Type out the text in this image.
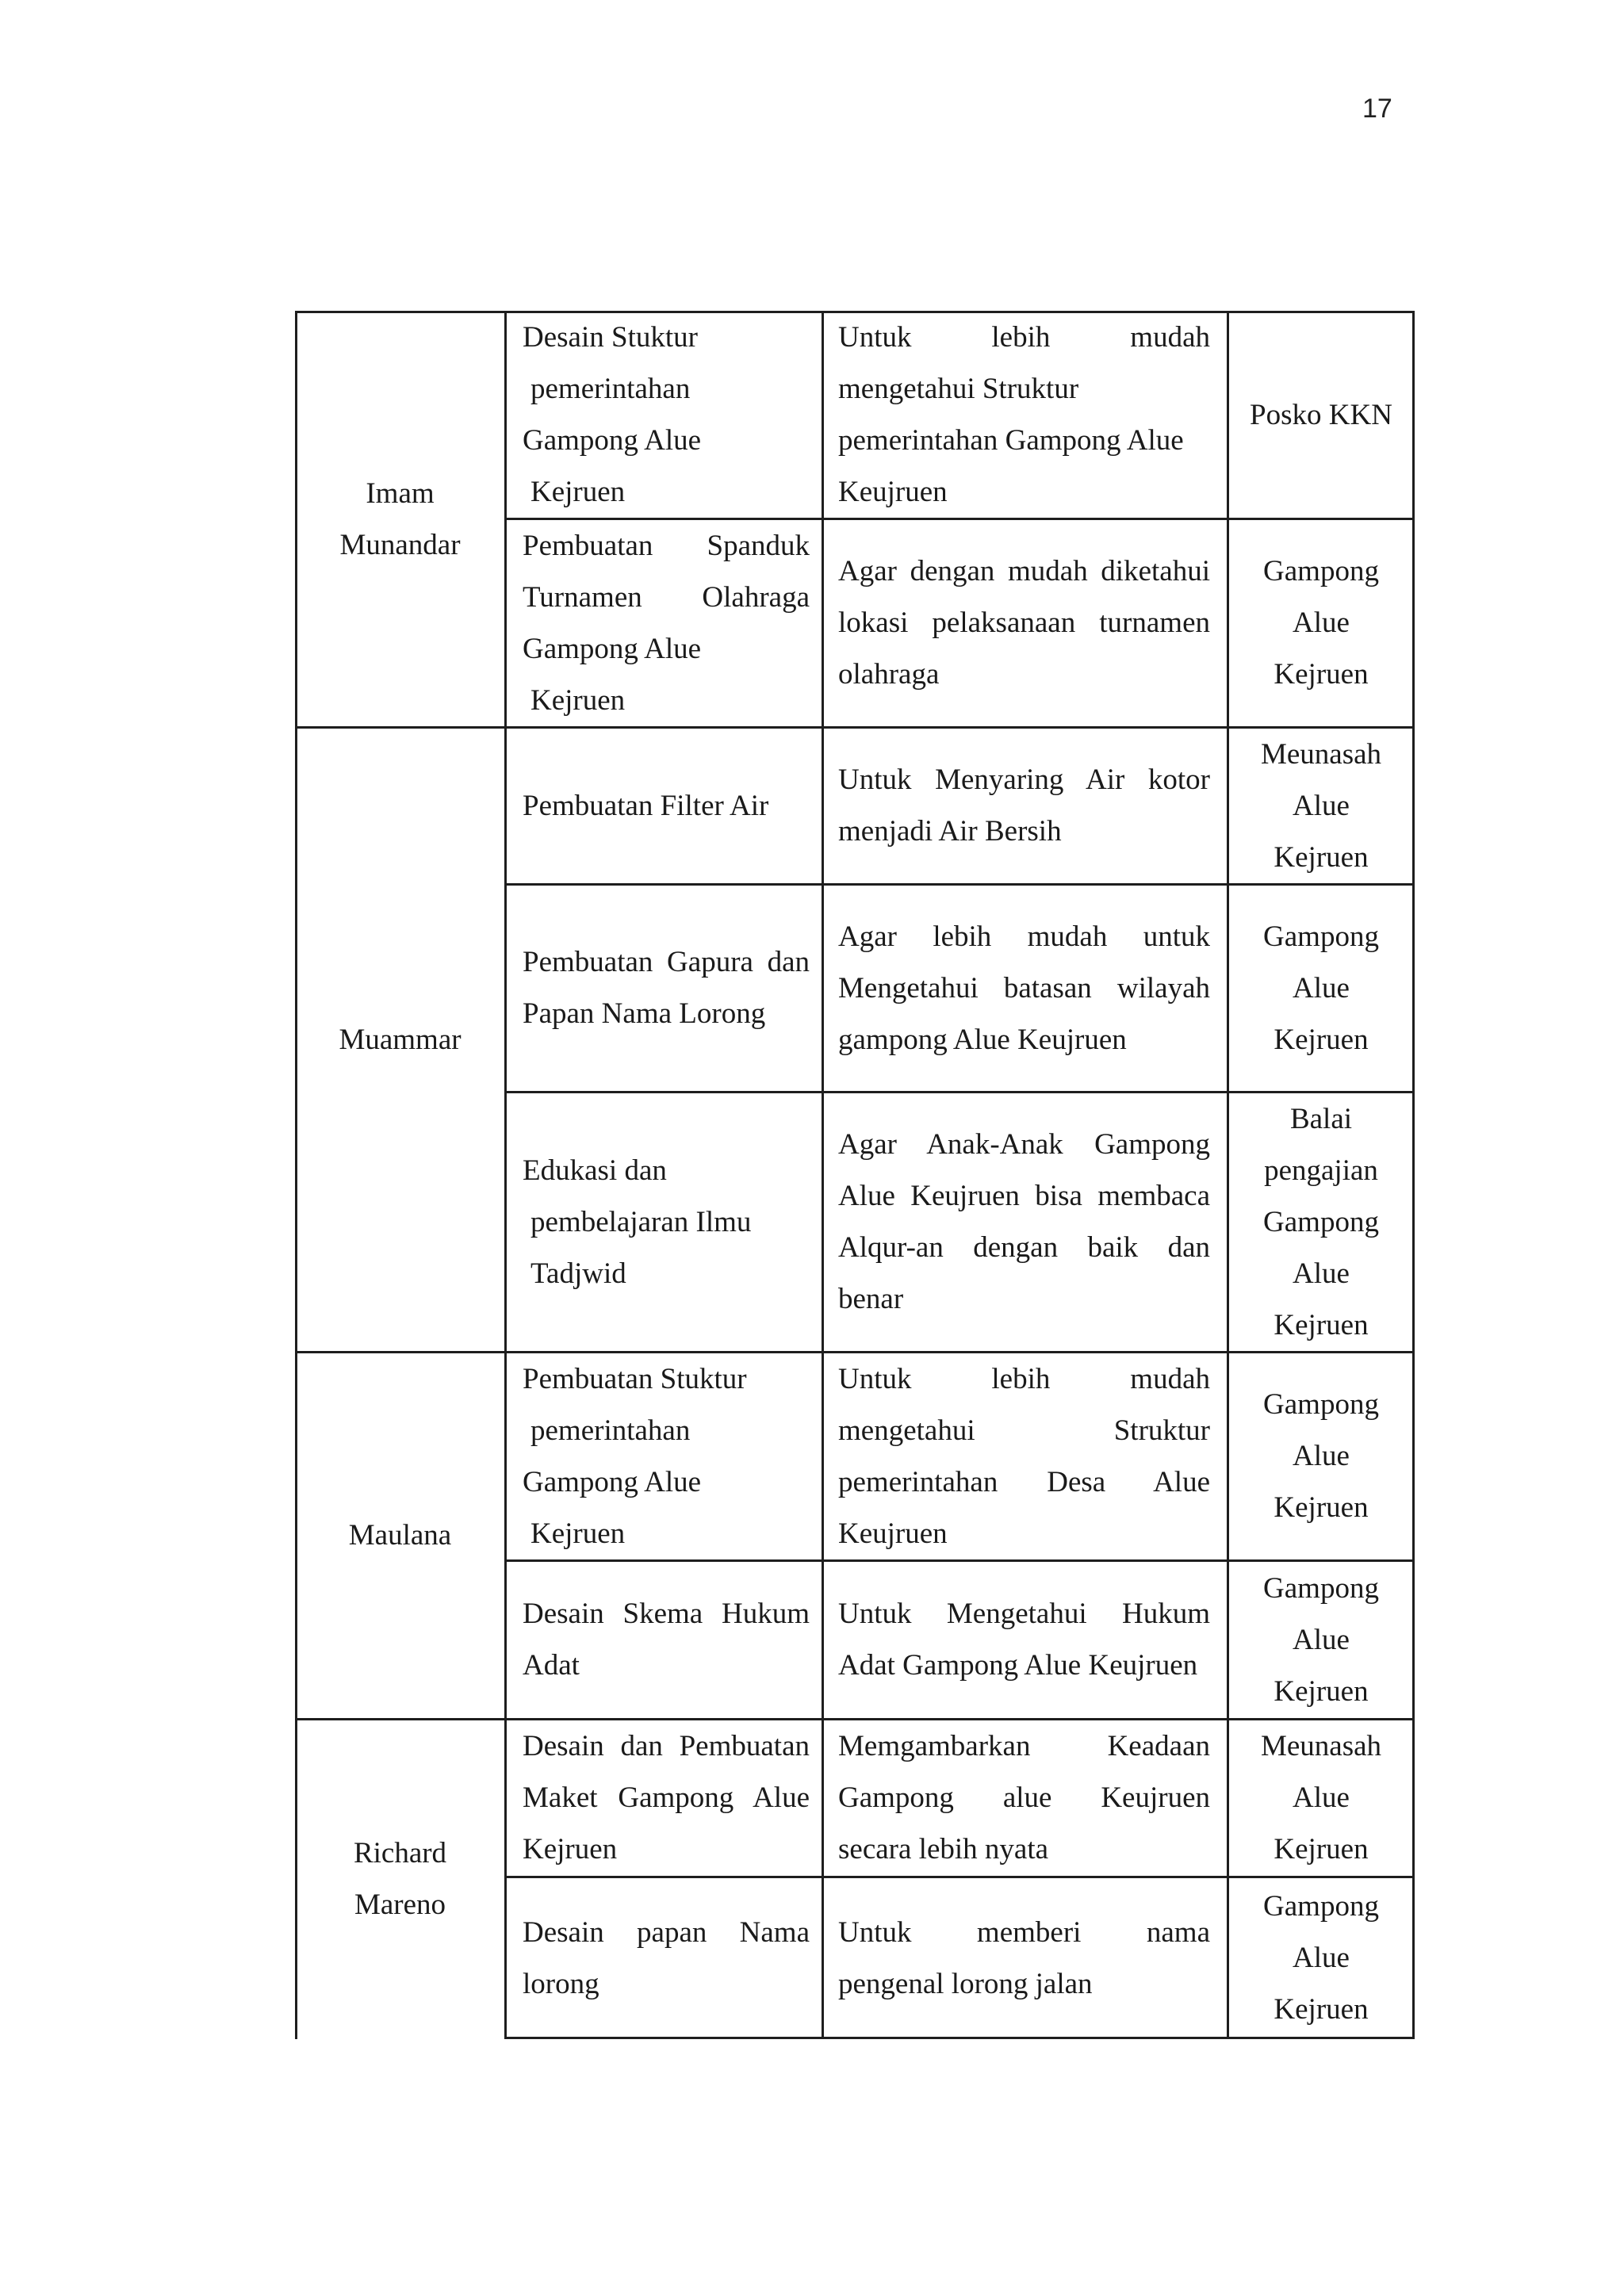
17
Imam
Munandar
Desain Stuktur
pemerintahan
Gampong Alue
Kejruen
Untuk lebih mudah
mengetahui Struktur
pemerintahan Gampong Alue
Keujruen
Posko KKN
Pembuatan Spanduk
Turnamen Olahraga
Gampong Alue
Kejruen
Agar dengan mudah diketahui
lokasi pelaksanaan turnamen
olahraga
Gampong
Alue
Kejruen
Muammar
Pembuatan Filter Air
Untuk Menyaring Air kotor
menjadi Air Bersih
Meunasah
Alue
Kejruen
Pembuatan Gapura dan
Papan Nama Lorong
Agar lebih mudah untuk
Mengetahui batasan wilayah
gampong Alue Keujruen
Gampong
Alue
Kejruen
Edukasi dan
pembelajaran Ilmu
Tadjwid
Agar Anak-Anak Gampong
Alue Keujruen bisa membaca
Alqur-an dengan baik dan
benar
Balai
pengajian
Gampong
Alue
Kejruen
Maulana
Pembuatan Stuktur
pemerintahan
Gampong Alue
Kejruen
Untuk lebih mudah
mengetahui Struktur
pemerintahan Desa Alue
Keujruen
Gampong
Alue
Kejruen
Desain Skema Hukum
Adat
Untuk Mengetahui Hukum
Adat Gampong Alue Keujruen
Gampong
Alue
Kejruen
Richard
Mareno
Desain dan Pembuatan
Maket Gampong Alue
Kejruen
Memgambarkan Keadaan
Gampong alue Keujruen
secara lebih nyata
Meunasah
Alue
Kejruen
Desain papan Nama
lorong
Untuk memberi nama
pengenal lorong jalan
Gampong
Alue
Kejruen
